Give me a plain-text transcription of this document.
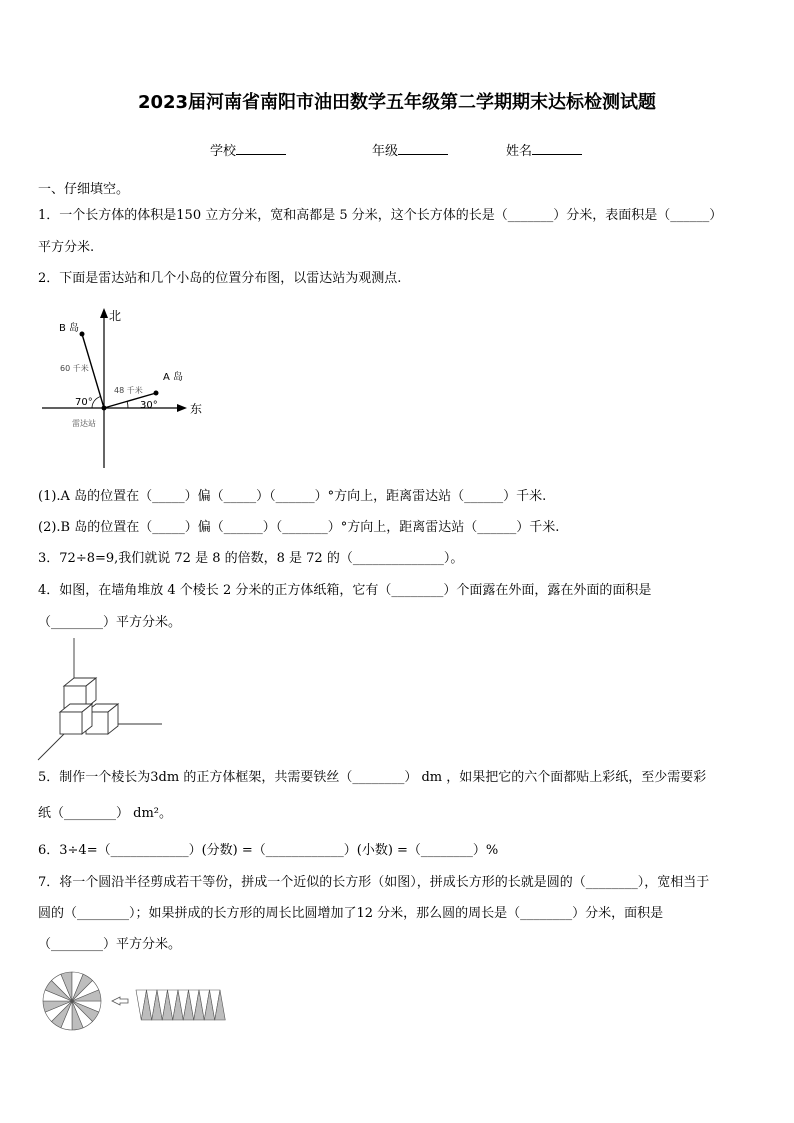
2023届河南省南阳市油田数学五年级第二学期期末达标检测试题
学校	年级	姓名
一、仔细填空。
1．一个长方体的体积是150 立方分米，宽和高都是 5 分米，这个长方体的长是（_______）分米，表面积是（______）
平方分米.
2．下面是雷达站和几个小岛的位置分布图，以雷达站为观测点.
北
东
B 岛
A 岛
60 千米
48 千米
70°	30°
雷达站
(1).A 岛的位置在（_____）偏（_____）（______）°方向上，距离雷达站（______）千米.
(2).B 岛的位置在（_____）偏（______）（_______）°方向上，距离雷达站（______）千米.
3．72÷8=9,我们就说 72 是 8 的倍数，8 是 72 的（______________）。
4．如图，在墙角堆放 4 个棱长 2 分米的正方体纸箱，它有（________）个面露在外面，露在外面的面积是
（________）平方分米。
5．制作一个棱长为3dm 的正方体框架，共需要铁丝（________） dm ，如果把它的六个面都贴上彩纸，至少需要彩
纸（________） dm²。
6．3÷4=（____________）(分数) =（____________）(小数) =（________）%
7．将一个圆沿半径剪成若干等份，拼成一个近似的长方形（如图），拼成长方形的长就是圆的（________），宽相当于
圆的（________）；如果拼成的长方形的周长比圆增加了12 分米，那么圆的周长是（________）分米，面积是
（________）平方分米。
